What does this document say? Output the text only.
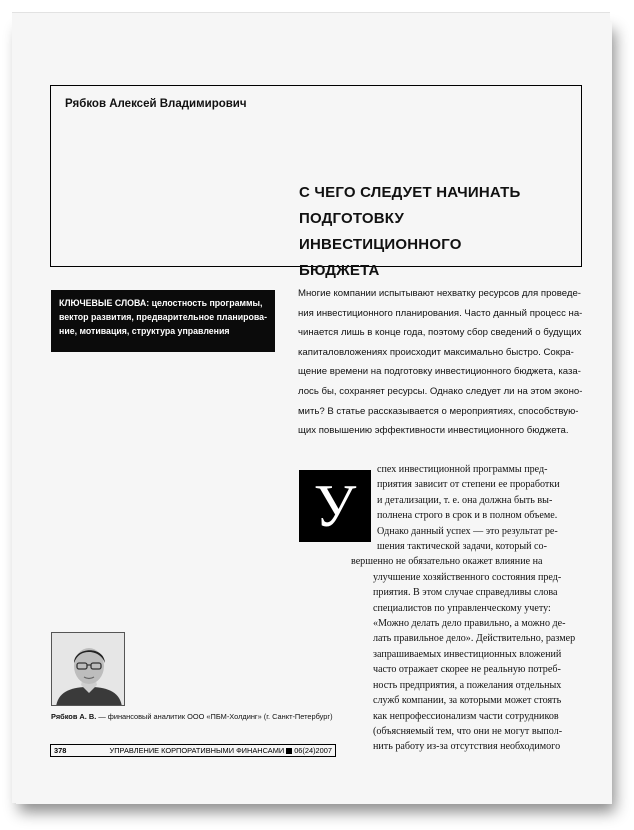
Рябков Алексей Владимирович
С ЧЕГО СЛЕДУЕТ НАЧИНАТЬ
ПОДГОТОВКУ ИНВЕСТИЦИОННОГО
БЮДЖЕТА
КЛЮЧЕВЫЕ СЛОВА: целостность программы,
вектор развития, предварительное планирова-
ние, мотивация, структура управления
Многие компании испытывают нехватку ресурсов для проведе-
ния инвестиционного планирования. Часто данный процесс на-
чинается лишь в конце года, поэтому сбор сведений о будущих
капиталовложениях происходит максимально быстро. Сокра-
щение времени на подготовку инвестиционного бюджета, каза-
лось бы, сохраняет ресурсы. Однако следует ли на этом эконо-
мить? В статье рассказывается о мероприятиях, способствую-
щих повышению эффективности инвестиционного бюджета.
спех инвестиционной программы пред-
приятия зависит от степени ее проработки
и детализации, т. е. она должна быть вы-
полнена строго в срок и в полном объеме.
Однако данный успех — это результат ре-
шения тактической задачи, который со-
вершенно не обязательно окажет влияние на
улучшение хозяйственного состояния пред-
приятия. В этом случае справедливы слова
специалистов по управленческому учету:
«Можно делать дело правильно, а можно де-
лать правильное дело». Действительно, размер
запрашиваемых инвестиционных вложений
часто отражает скорее не реальную потреб-
ность предприятия, а пожелания отдельных
служб компании, за которыми может стоять
как непрофессионализм части сотрудников
(объясняемый тем, что они не могут выпол-
нить работу из-за отсутствия необходимого
У
Рябков А. В. — финансовый аналитик ООО «ПБМ-Холдинг» (г. Санкт-Петербург)
378	УПРАВЛЕНИЕ КОРПОРАТИВНЫМИ ФИНАНСАМИ 06(24)2007
